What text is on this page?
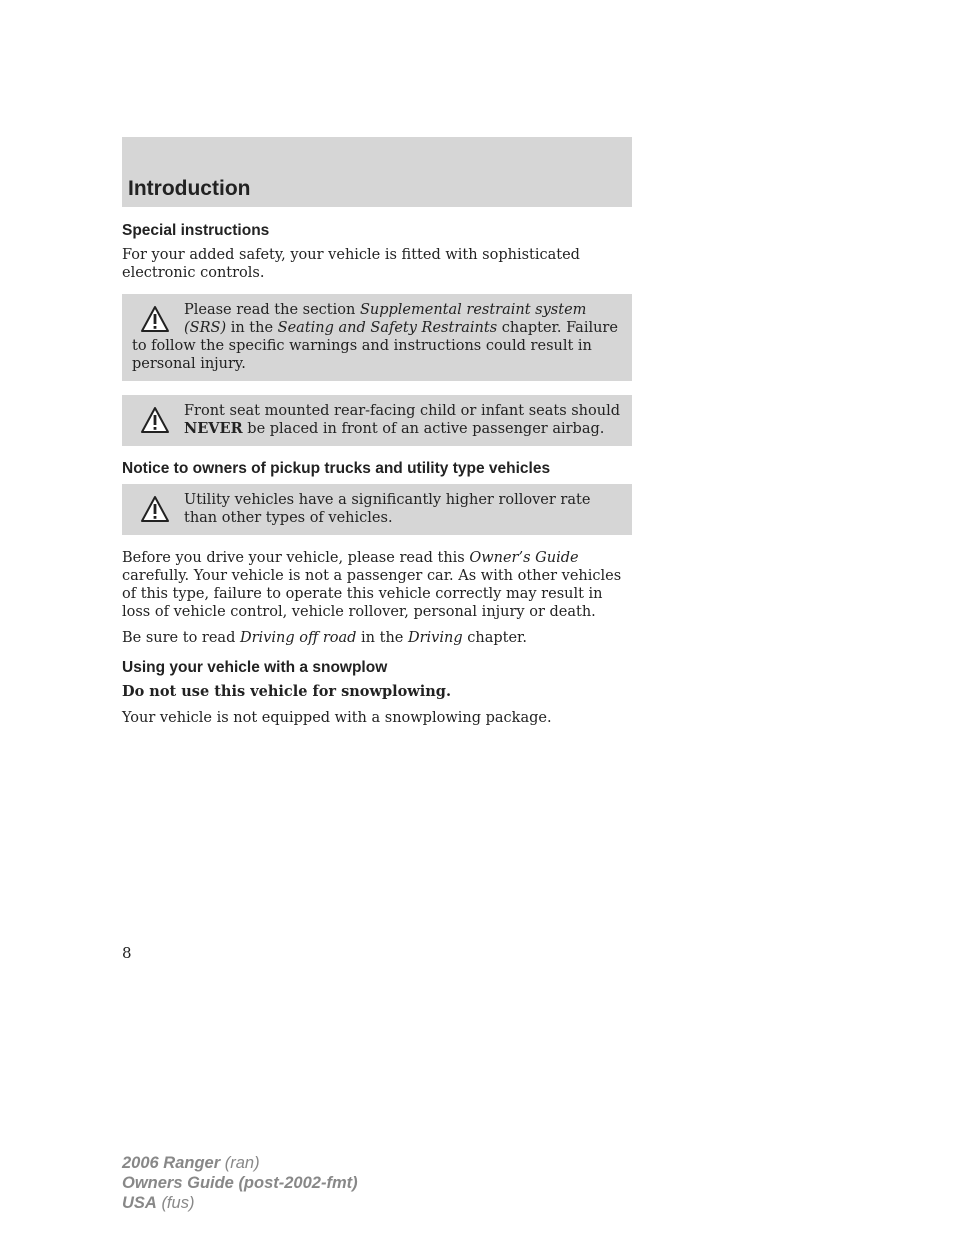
Introduction
Special instructions

For your added safety, your vehicle is fitted with sophisticated electronic controls.

Please read the section Supplemental restraint system (SRS) in the Seating and Safety Restraints chapter. Failure to follow the specific warnings and instructions could result in personal injury.

Front seat mounted rear-facing child or infant seats should NEVER be placed in front of an active passenger airbag.

Notice to owners of pickup trucks and utility type vehicles

Utility vehicles have a significantly higher rollover rate than other types of vehicles.

Before you drive your vehicle, please read this Owner’s Guide carefully. Your vehicle is not a passenger car. As with other vehicles of this type, failure to operate this vehicle correctly may result in loss of vehicle control, vehicle rollover, personal injury or death.

Be sure to read Driving off road in the Driving chapter.

Using your vehicle with a snowplow

Do not use this vehicle for snowplowing.

Your vehicle is not equipped with a snowplowing package.

8
2006 Ranger (ran)
Owners Guide (post-2002-fmt)
USA (fus)
